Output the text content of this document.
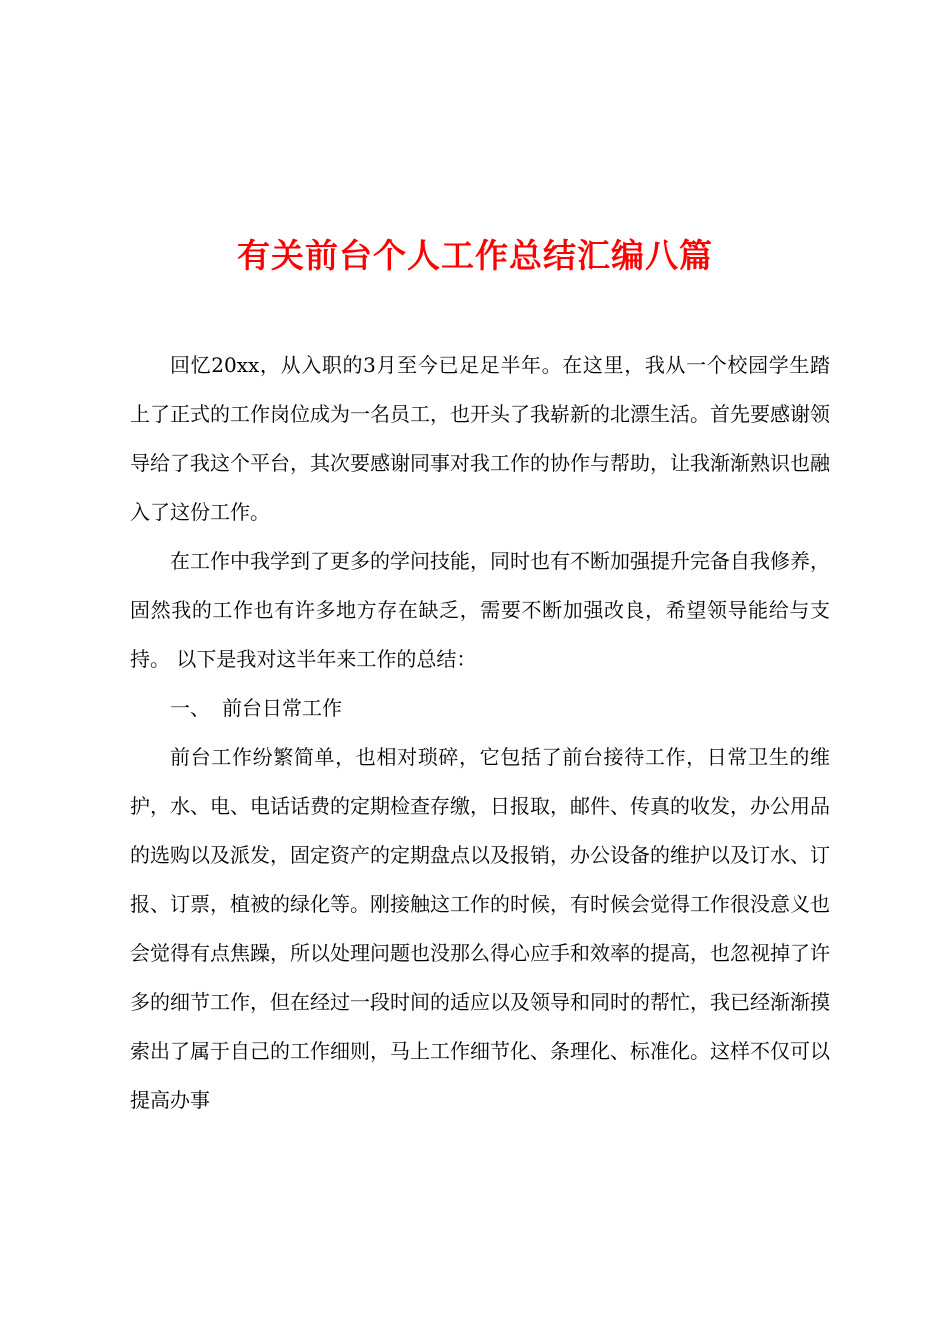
有关前台个人工作总结汇编八篇

回忆20xx，从入职的3月至今已足足半年。在这里，我从一个校园学生踏上了正式的工作岗位成为一名员工，也开头了我崭新的北漂生活。首先要感谢领导给了我这个平台，其次要感谢同事对我工作的协作与帮助，让我渐渐熟识也融入了这份工作。

在工作中我学到了更多的学问技能，同时也有不断加强提升完备自我修养，固然我的工作也有许多地方存在缺乏，需要不断加强改良，希望领导能给与支持。 以下是我对这半年来工作的总结：

一、 前台日常工作

前台工作纷繁简单，也相对琐碎，它包括了前台接待工作，日常卫生的维护，水、电、电话话费的定期检查存缴，日报取，邮件、传真的收发，办公用品的选购以及派发，固定资产的定期盘点以及报销，办公设备的维护以及订水、订报、订票，植被的绿化等。刚接触这工作的时候，有时候会觉得工作很没意义也会觉得有点焦躁，所以处理问题也没那么得心应手和效率的提高，也忽视掉了许多的细节工作，但在经过一段时间的适应以及领导和同时的帮忙，我已经渐渐摸索出了属于自己的工作细则，马上工作细节化、条理化、标准化。这样不仅可以提高办事
